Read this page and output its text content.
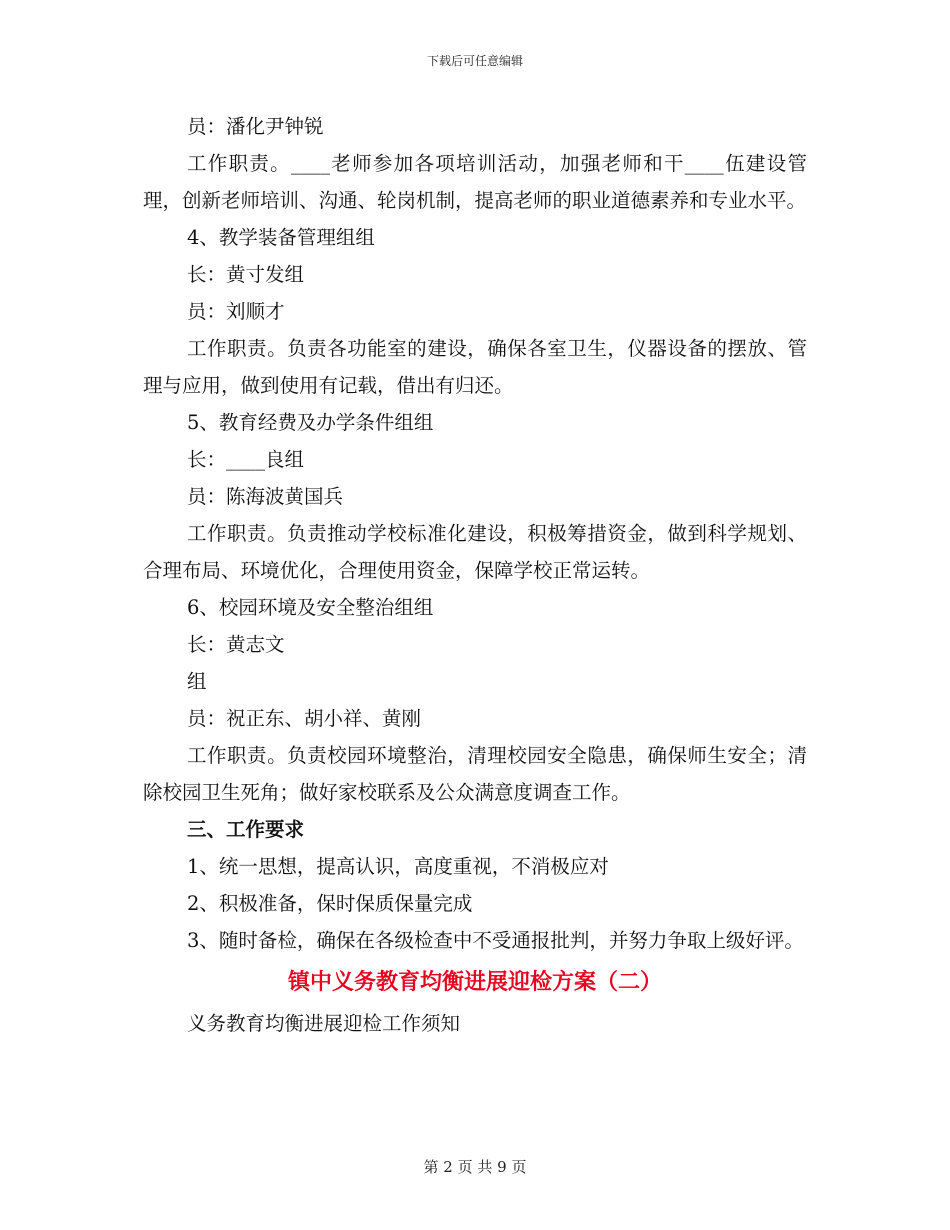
下载后可任意编辑

员：潘化尹钟锐

工作职责。____老师参加各项培训活动，加强老师和干____伍建设管理，创新老师培训、沟通、轮岗机制，提高老师的职业道德素养和专业水平。

4、教学装备管理组组

长：黄寸发组

员：刘顺才

工作职责。负责各功能室的建设，确保各室卫生，仪器设备的摆放、管理与应用，做到使用有记载，借出有归还。

5、教育经费及办学条件组组

长：____良组

员：陈海波黄国兵

工作职责。负责推动学校标准化建设，积极筹措资金，做到科学规划、合理布局、环境优化，合理使用资金，保障学校正常运转。

6、校园环境及安全整治组组

长：黄志文

组

员：祝正东、胡小祥、黄刚

工作职责。负责校园环境整治，清理校园安全隐患，确保师生安全；清除校园卫生死角；做好家校联系及公众满意度调查工作。

三、工作要求

1、统一思想，提高认识，高度重视，不消极应对

2、积极准备，保时保质保量完成

3、随时备检，确保在各级检查中不受通报批判，并努力争取上级好评。

镇中义务教育均衡进展迎检方案（二）

义务教育均衡进展迎检工作须知

第 2 页 共 9 页
